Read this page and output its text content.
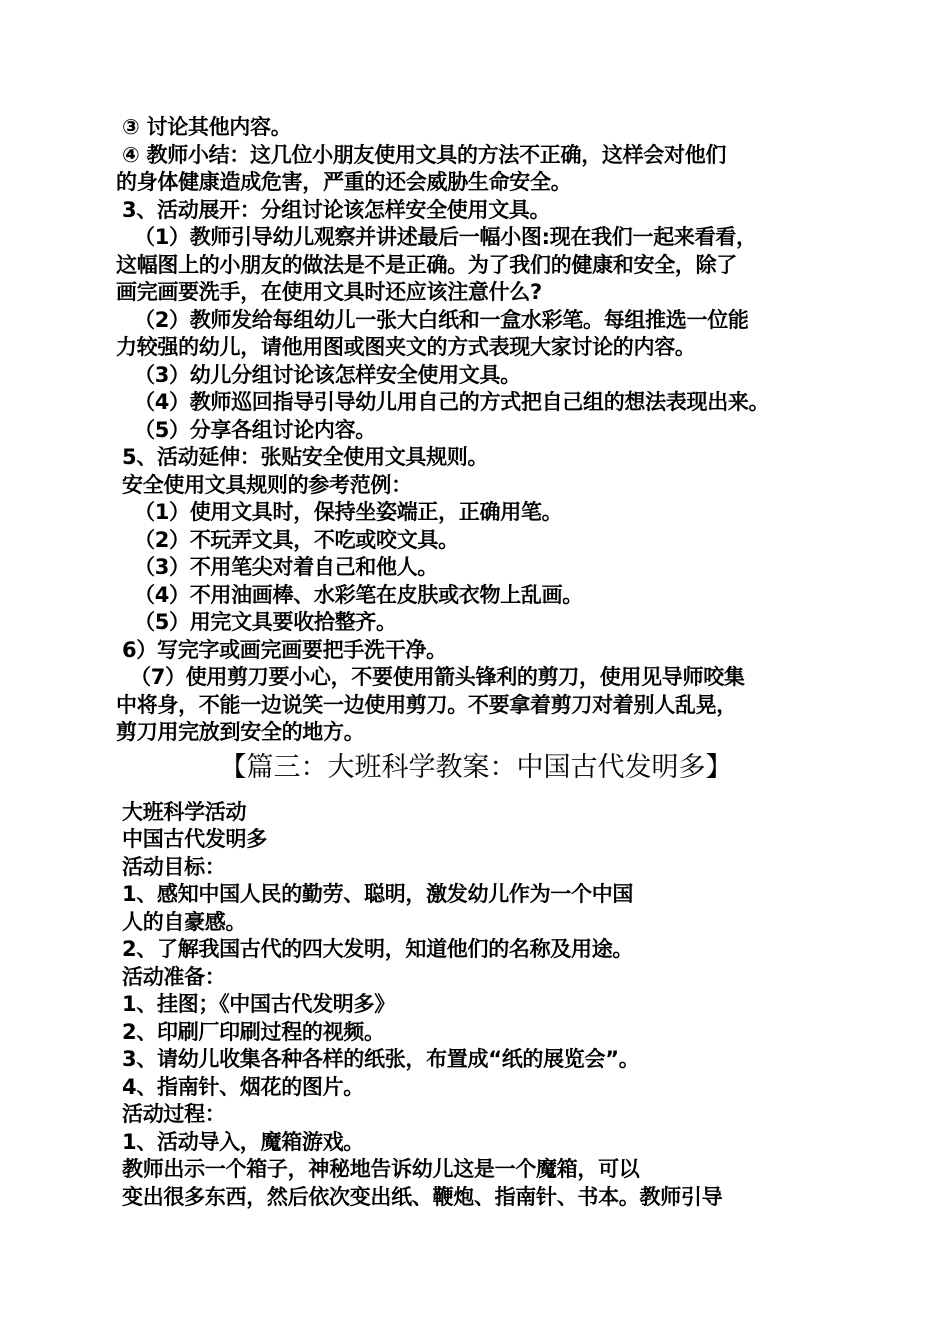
③ 讨论其他内容。

④ 教师小结：这几位小朋友使用文具的方法不正确，这样会对他们

的身体健康造成危害，严重的还会威胁生命安全。

3、活动展开：分组讨论该怎样安全使用文具。

（1）教师引导幼儿观察并讲述最后一幅小图:现在我们一起来看看，

这幅图上的小朋友的做法是不是正确。为了我们的健康和安全，除了

画完画要洗手，在使用文具时还应该注意什么?

（2）教师发给每组幼儿一张大白纸和一盒水彩笔。每组推选一位能

力较强的幼儿，请他用图或图夹文的方式表现大家讨论的内容。

（3）幼儿分组讨论该怎样安全使用文具。

（4）教师巡回指导引导幼儿用自己的方式把自己组的想法表现出来。

（5）分享各组讨论内容。

5、活动延伸：张贴安全使用文具规则。

安全使用文具规则的参考范例：

（1）使用文具时，保持坐姿端正，正确用笔。

（2）不玩弄文具，不吃或咬文具。

（3）不用笔尖对着自己和他人。

（4）不用油画棒、水彩笔在皮肤或衣物上乱画。

（5）用完文具要收拾整齐。

6）写完字或画完画要把手洗干净。

（7）使用剪刀要小心，不要使用箭头锋利的剪刀，使用见导师咬集

中将身，不能一边说笑一边使用剪刀。不要拿着剪刀对着别人乱晃，

剪刀用完放到安全的地方。

【篇三：大班科学教案：中国古代发明多】

大班科学活动

中国古代发明多

活动目标：

1、感知中国人民的勤劳、聪明，激发幼儿作为一个中国

人的自豪感。

2、了解我国古代的四大发明，知道他们的名称及用途。

活动准备：

1、挂图；《中国古代发明多》

2、印刷厂印刷过程的视频。

3、请幼儿收集各种各样的纸张，布置成“纸的展览会”。

4、指南针、烟花的图片。

活动过程：

1、活动导入，魔箱游戏。

教师出示一个箱子，神秘地告诉幼儿这是一个魔箱，可以

变出很多东西，然后依次变出纸、鞭炮、指南针、书本。教师引导
